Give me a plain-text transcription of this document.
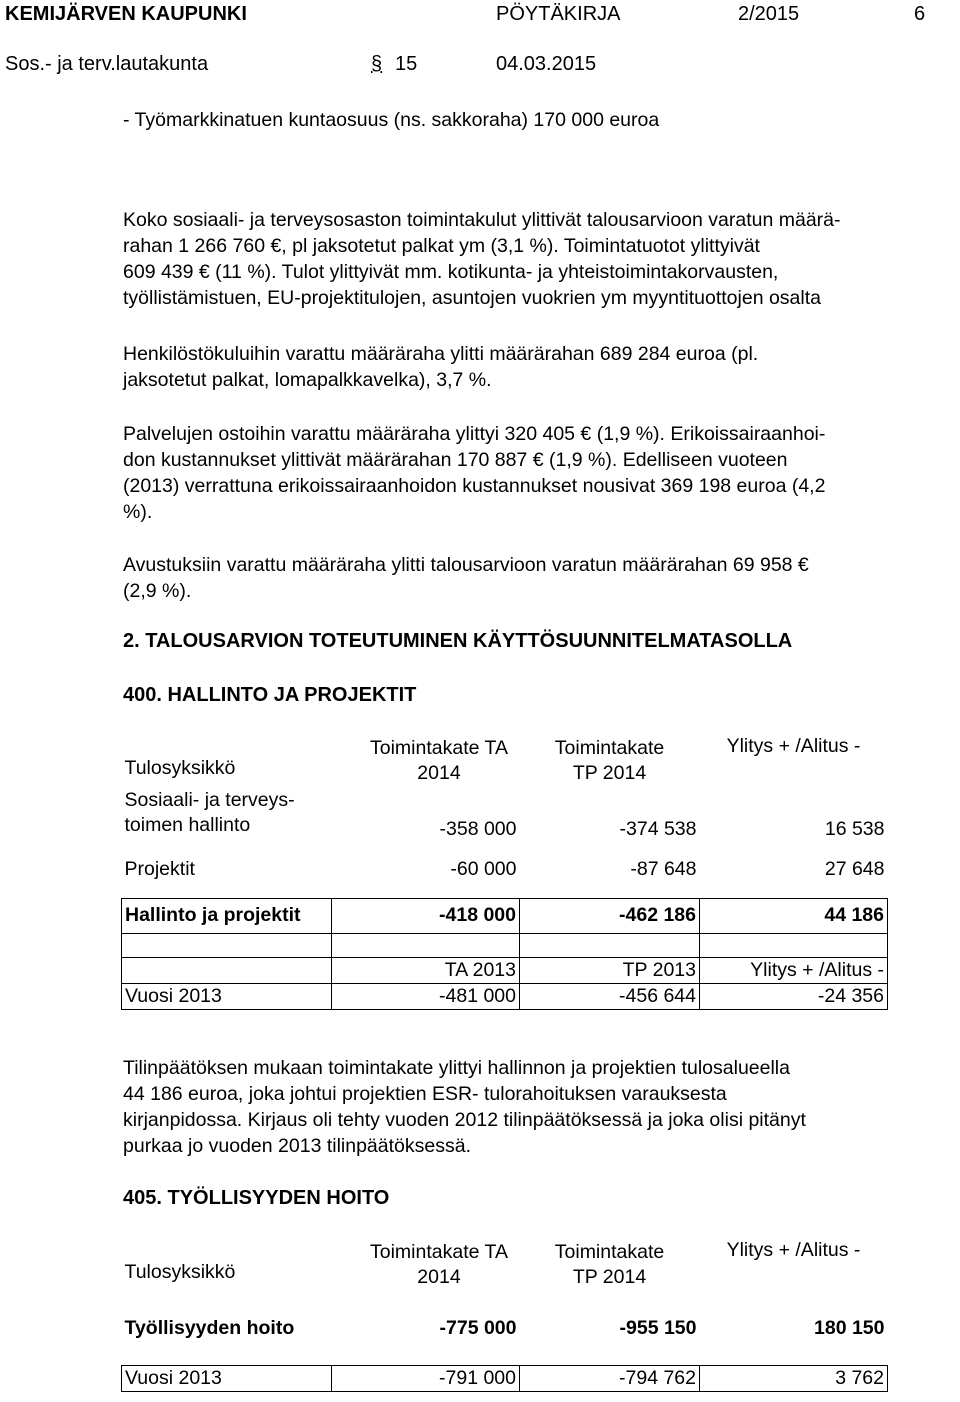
KEMIJÄRVEN KAUPUNKI	PÖYTÄKIRJA	2/2015	6
Sos.- ja terv.lautakunta	§ 15	04.03.2015
- Työmarkkinatuen kuntaosuus (ns. sakkoraha) 170 000 euroa
Koko sosiaali- ja terveysosaston toimintakulut ylittivät talousarvioon varatun määrä-
rahan 1 266 760 €, pl jaksotetut palkat ym (3,1 %). Toimintatuotot ylittyivät
609 439 € (11 %). Tulot ylittyivät mm. kotikunta- ja yhteistoimintakorvausten,
työllistämistuen, EU-projektitulojen, asuntojen vuokrien ym myyntituottojen osalta
Henkilöstökuluihin varattu määräraha ylitti määrärahan 689 284 euroa (pl.
jaksotetut palkat, lomapalkkavelka), 3,7 %.
Palvelujen ostoihin varattu määräraha ylittyi 320 405 € (1,9 %). Erikoissairaanhoi-
don kustannukset ylittivät määrärahan 170 887 € (1,9 %). Edelliseen vuoteen
(2013) verrattuna erikoissairaanhoidon kustannukset nousivat 369 198 euroa (4,2
%).
Avustuksiin varattu määräraha ylitti talousarvioon varatun määrärahan 69 958 €
(2,9 %).
2. TALOUSARVION TOTEUTUMINEN KÄYTTÖSUUNNITELMATASOLLA
400. HALLINTO JA PROJEKTIT
Tulosyksikkö	Toimintakate TA 2014	Toimintakate TP 2014	Ylitys + /Alitus -

Sosiaali- ja terveys-
toimen hallinto	-358 000	-374 538	16 538

Projektit	-60 000	-87 648	27 648

Hallinto ja projektit	-418 000	-462 186	44 186

	TA 2013	TP 2013	Ylitys + /Alitus -
Vuosi 2013	-481 000	-456 644	-24 356
Tilinpäätöksen mukaan toimintakate ylittyi hallinnon ja projektien tulosalueella
44 186 euroa, joka johtui projektien ESR- tulorahoituksen varauksesta
kirjanpidossa. Kirjaus oli tehty vuoden 2012 tilinpäätöksessä ja joka olisi pitänyt
purkaa jo vuoden 2013 tilinpäätöksessä.
405. TYÖLLISYYDEN HOITO
Tulosyksikkö	Toimintakate TA 2014	Toimintakate TP 2014	Ylitys + /Alitus -

Työllisyyden hoito	-775 000	-955 150	180 150

Vuosi 2013	-791 000	-794 762	3 762
